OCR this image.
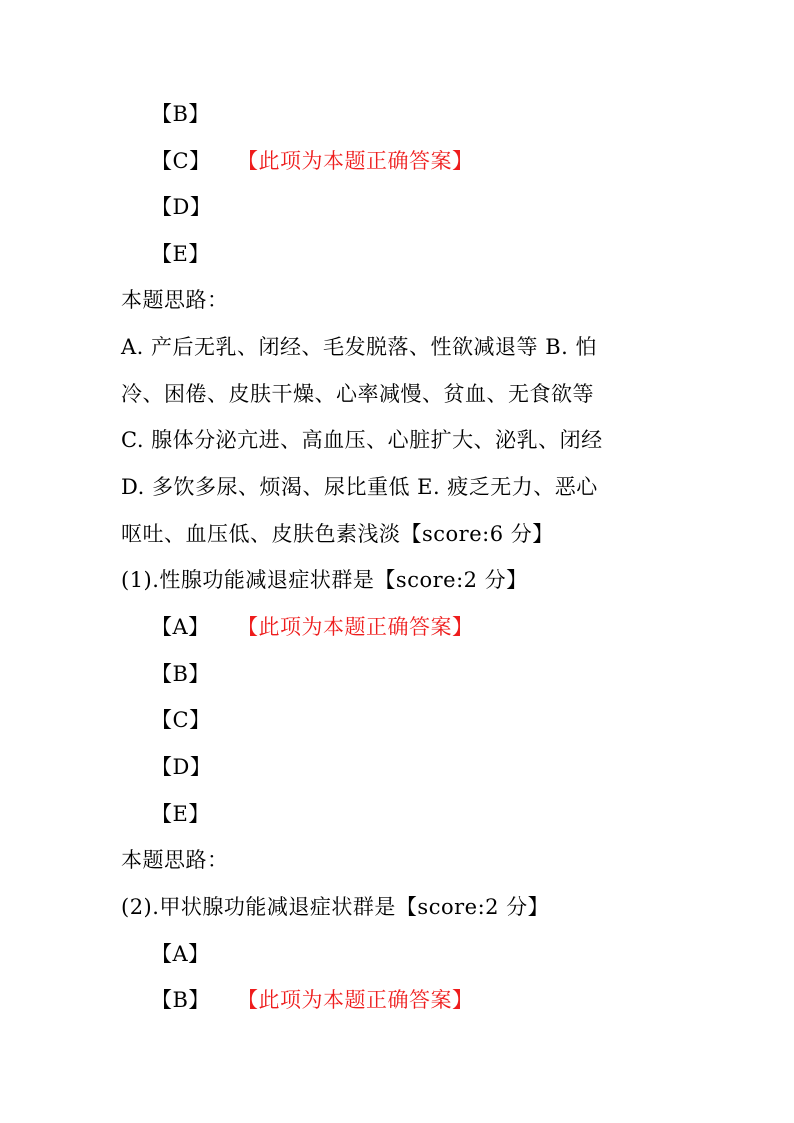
【B】
【C】 【此项为本题正确答案】
【D】
【E】
本题思路：
A. 产后无乳、闭经、毛发脱落、性欲减退等 B. 怕
冷、困倦、皮肤干燥、心率减慢、贫血、无食欲等
C. 腺体分泌亢进、高血压、心脏扩大、泌乳、闭经
D. 多饮多尿、烦渴、尿比重低 E. 疲乏无力、恶心
呕吐、血压低、皮肤色素浅淡【score:6 分】
(1).性腺功能减退症状群是【score:2 分】
【A】 【此项为本题正确答案】
【B】
【C】
【D】
【E】
本题思路：
(2).甲状腺功能减退症状群是【score:2 分】
【A】
【B】 【此项为本题正确答案】
